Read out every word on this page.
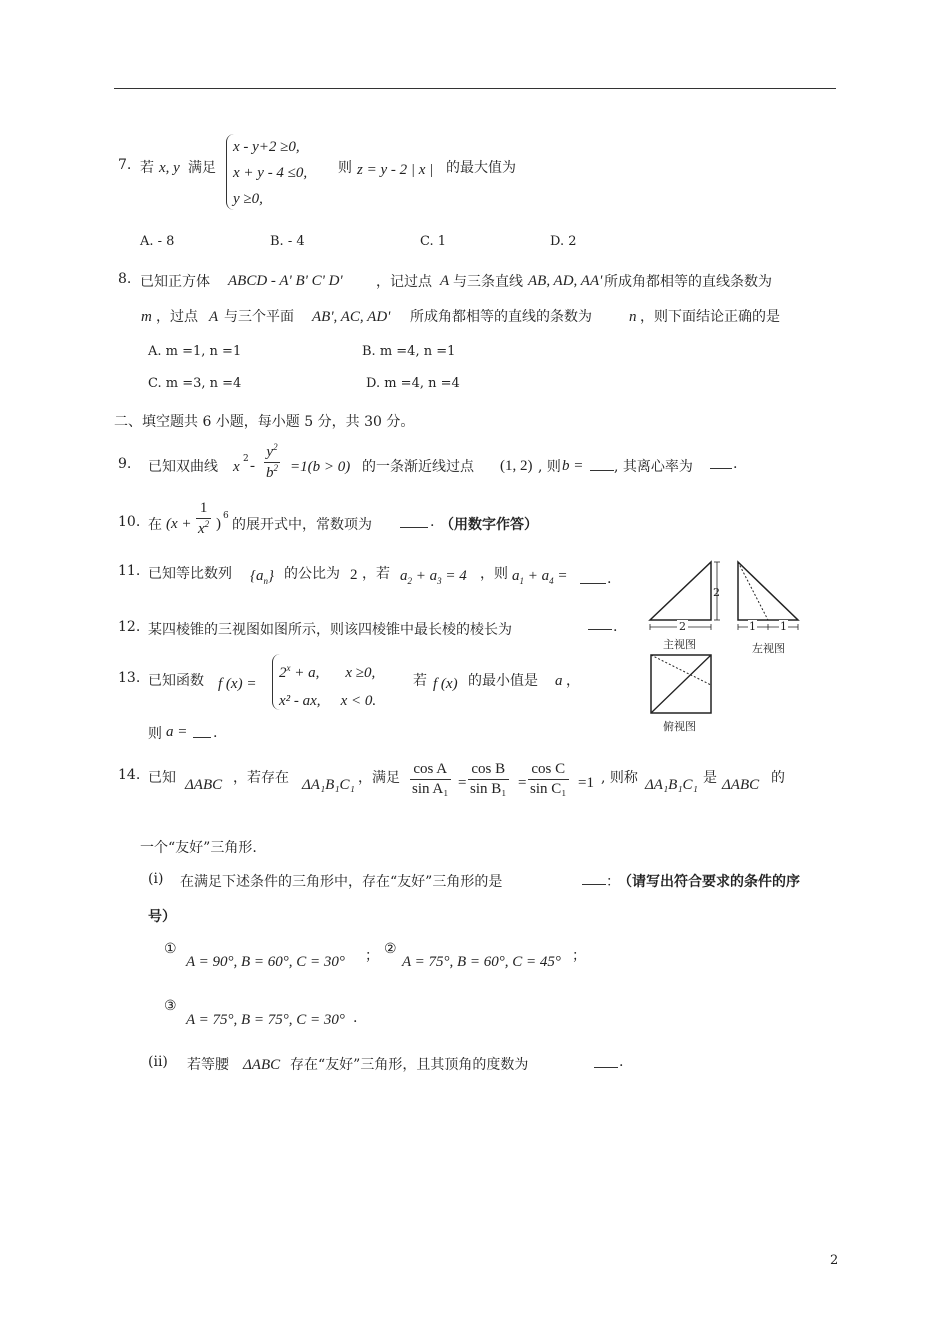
7. 若 x, y 满足
x - y+2 ≥0,
x + y - 4 ≤0,
y ≥0,
则 z = y - 2 | x | 的最大值为
A. - 8	B. - 4	C. 1	D. 2
8. 已知正方体 ABCD - A' B' C' D' ，记过点 A 与三条直线 AB, AD, AA' 所成角都相等的直线条数为
m ，过点 A 与三个平面 AB', AC, AD' 所成角都相等的直线的条数为 n ，则下面结论正确的是
A. m =1, n =1	B. m =4, n =1
C. m =3, n =4	D. m =4, n =4
二、填空题共 6 小题，每小题 5 分，共 30 分。
9. 已知双曲线 x $2 - \frac{y^2}{b^2} =1(b > 0)$ 的一条渐近线过点 (1, 2) , 则 b = , 其离心率为	.
10. 在 ($x + \frac{1}{x^2}$ ) 6
的展开式中，常数项为	. （用数字作答）
11. 已知等比数列 $\{a_n\}$ 的公比为 2 ，若 $a_2 + a_3 = 4$ ，则 $a_1 + a_4$ =	.
12. 某四棱锥的三视图如图所示，则该四棱锥中最长棱的棱长为	.
13. 已知函数 f (x) =
$2^x + a$, x ≥0,
x² - ax, x < 0.
若 f (x) 的最小值是 a ，
则 a = .
2
2	1 1
主视图	左视图
俯视图
14. 已知 ΔABC ，若存在 ΔA₁B₁C₁ ，满足 $\frac{\text{cos A}}{\text{sin A₁}} = \frac{\text{cos B}}{\text{sin B₁}} = \frac{\text{cos C}}{\text{sin C₁}} =1$ , 则称 ΔA₁B₁C₁ 是 ΔABC 的
一个“友好”三角形.
(i) 在满足下述条件的三角形中，存在“友好”三角形的是	：
（请写出符合要求的条件的序
号）
①
A = 90°, B = 60°, C = 30° ； ②
A = 75°, B = 60°, C = 45° ；
③
A = 75°, B = 75°, C = 30° .
(ii) 若等腰 ΔABC 存在“友好”三角形，且其顶角的度数为	.
2
